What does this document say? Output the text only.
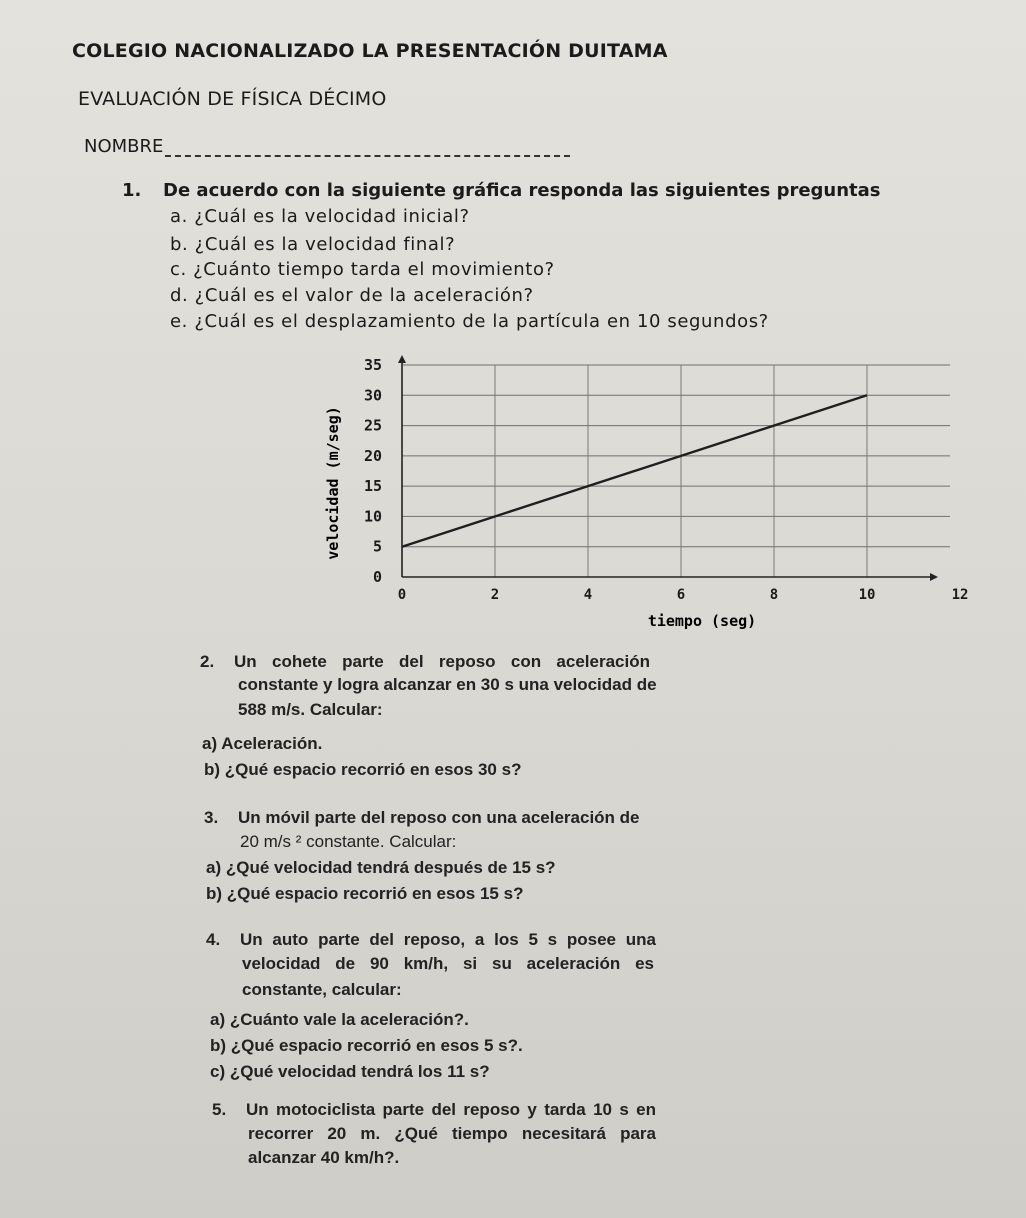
COLEGIO NACIONALIZADO LA PRESENTACIÓN DUITAMA
EVALUACIÓN DE FÍSICA DÉCIMO
NOMBRE
1. De acuerdo con la siguiente gráfica responda las siguientes preguntas
a. ¿Cuál es la velocidad inicial?
b. ¿Cuál es la velocidad final?
c. ¿Cuánto tiempo tarda el movimiento?
d. ¿Cuál es el valor de la aceleración?
e. ¿Cuál es el desplazamiento de la partícula en 10 segundos?
0
5
10
15
20
25
30
35
0	2	4	6	8	10	12
velocidad (m/seg)
tiempo (seg)
2. Un cohete parte del reposo con aceleración
constante y logra alcanzar en 30 s una velocidad de
588 m/s. Calcular:
a) Aceleración.
b) ¿Qué espacio recorrió en esos 30 s?
3. Un móvil parte del reposo con una aceleración de
20 m/s ² constante. Calcular:
a) ¿Qué velocidad tendrá después de 15 s?
b) ¿Qué espacio recorrió en esos 15 s?
4. Un auto parte del reposo, a los 5 s posee una
velocidad de 90 km/h, si su aceleración es
constante, calcular:
a) ¿Cuánto vale la aceleración?.
b) ¿Qué espacio recorrió en esos 5 s?.
c) ¿Qué velocidad tendrá los 11 s?
5. Un motociclista parte del reposo y tarda 10 s en
recorrer 20 m. ¿Qué tiempo necesitará para
alcanzar 40 km/h?.
